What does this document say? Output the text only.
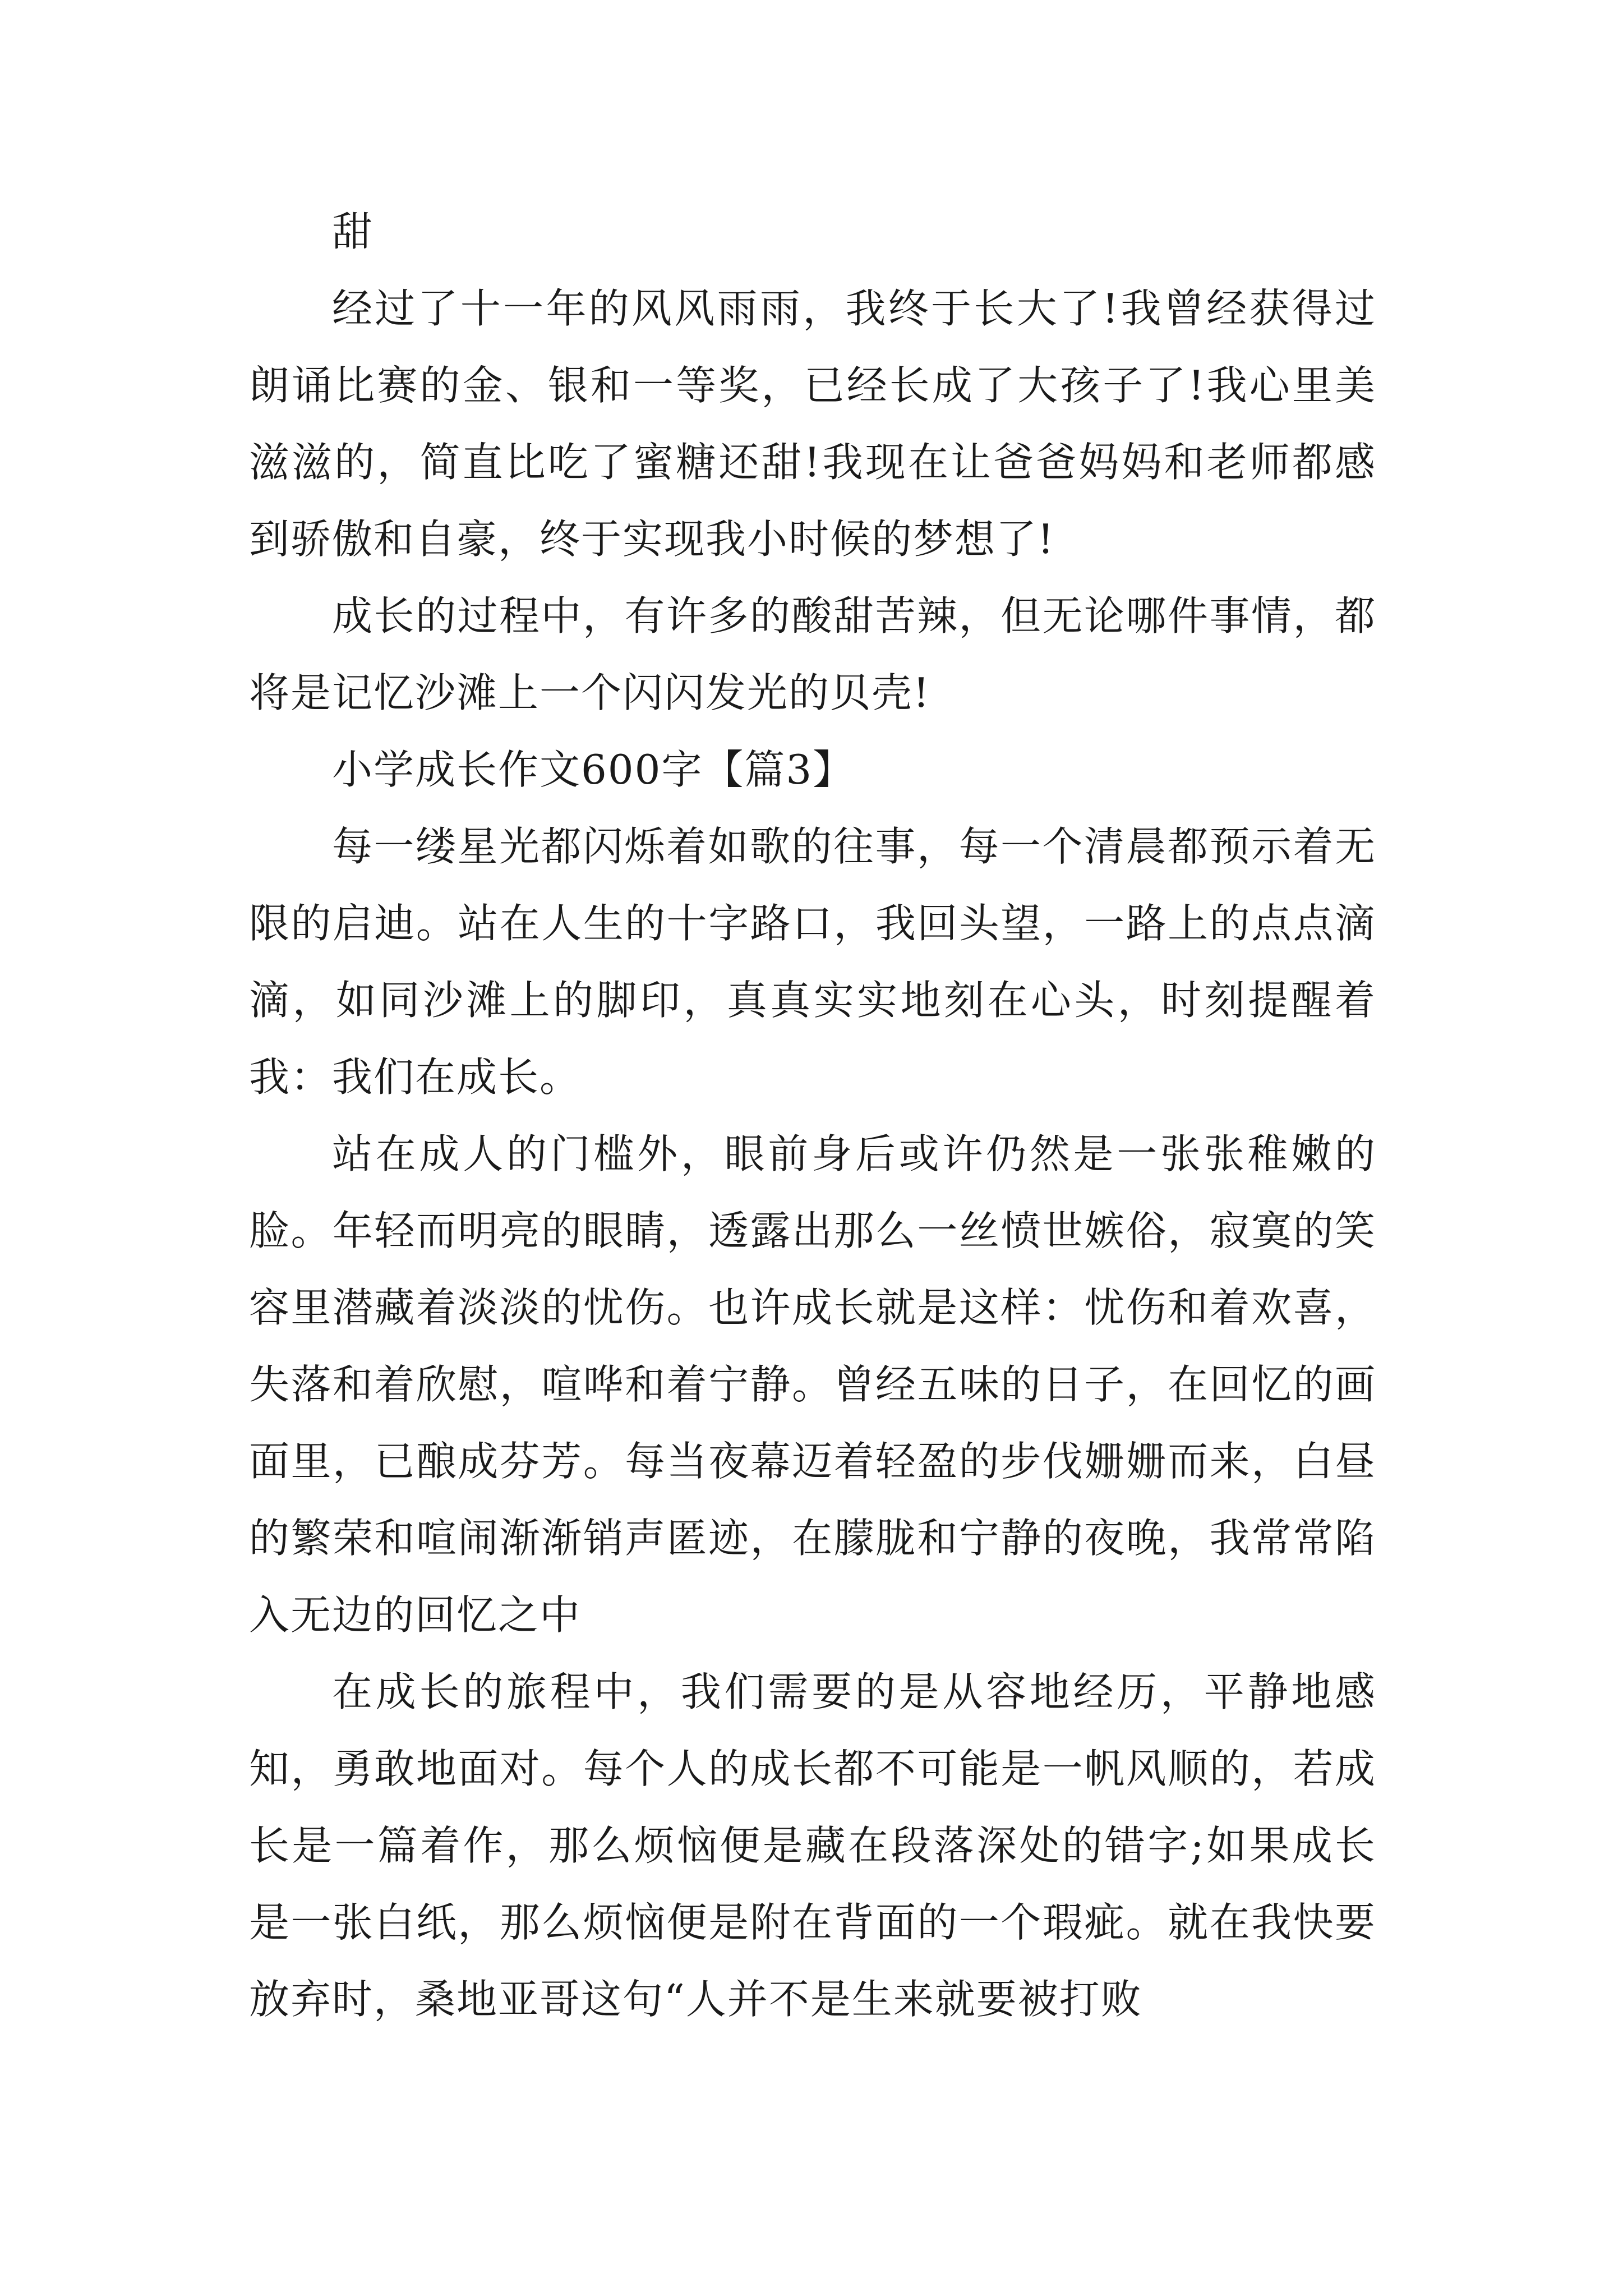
甜

经过了十一年的风风雨雨，我终于长大了!我曾经获得过朗诵比赛的金、银和一等奖，已经长成了大孩子了!我心里美滋滋的，简直比吃了蜜糖还甜!我现在让爸爸妈妈和老师都感到骄傲和自豪，终于实现我小时候的梦想了!

成长的过程中，有许多的酸甜苦辣，但无论哪件事情，都将是记忆沙滩上一个闪闪发光的贝壳!

小学成长作文600字【篇3】

每一缕星光都闪烁着如歌的往事，每一个清晨都预示着无限的启迪。站在人生的十字路口，我回头望，一路上的点点滴滴，如同沙滩上的脚印，真真实实地刻在心头，时刻提醒着我：我们在成长。

站在成人的门槛外，眼前身后或许仍然是一张张稚嫩的脸。年轻而明亮的眼睛，透露出那么一丝愤世嫉俗，寂寞的笑容里潜藏着淡淡的忧伤。也许成长就是这样：忧伤和着欢喜，失落和着欣慰，喧哗和着宁静。曾经五味的日子，在回忆的画面里，已酿成芬芳。每当夜幕迈着轻盈的步伐姗姗而来，白昼的繁荣和喧闹渐渐销声匿迹，在朦胧和宁静的夜晚，我常常陷入无边的回忆之中

在成长的旅程中，我们需要的是从容地经历，平静地感知，勇敢地面对。每个人的成长都不可能是一帆风顺的，若成长是一篇着作，那么烦恼便是藏在段落深处的错字;如果成长是一张白纸，那么烦恼便是附在背面的一个瑕疵。就在我快要放弃时，桑地亚哥这句“人并不是生来就要被打败
